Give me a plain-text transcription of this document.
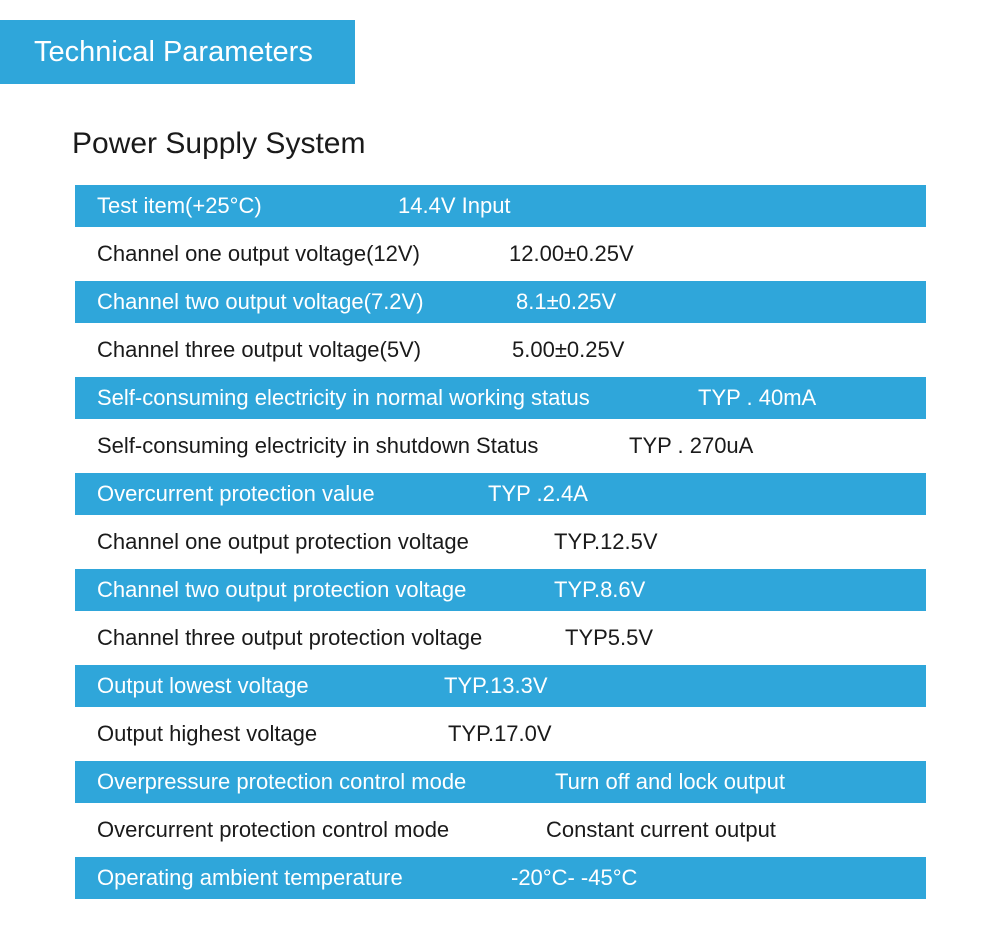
Technical Parameters
Power Supply System
Test item(+25°C)	14.4V Input
Channel one output voltage(12V)	12.00±0.25V
Channel two output voltage(7.2V)	8.1±0.25V
Channel three output voltage(5V)	5.00±0.25V
Self-consuming electricity in normal working status	TYP . 40mA
Self-consuming electricity in shutdown Status	TYP . 270uA
Overcurrent protection value	TYP .2.4A
Channel one output protection voltage	TYP.12.5V
Channel two output protection voltage	TYP.8.6V
Channel three output protection voltage	TYP5.5V
Output lowest voltage	TYP.13.3V
Output highest voltage	TYP.17.0V
Overpressure protection control mode	Turn off and lock output
Overcurrent protection control mode	Constant current output
Operating ambient temperature	-20°C- -45°C
